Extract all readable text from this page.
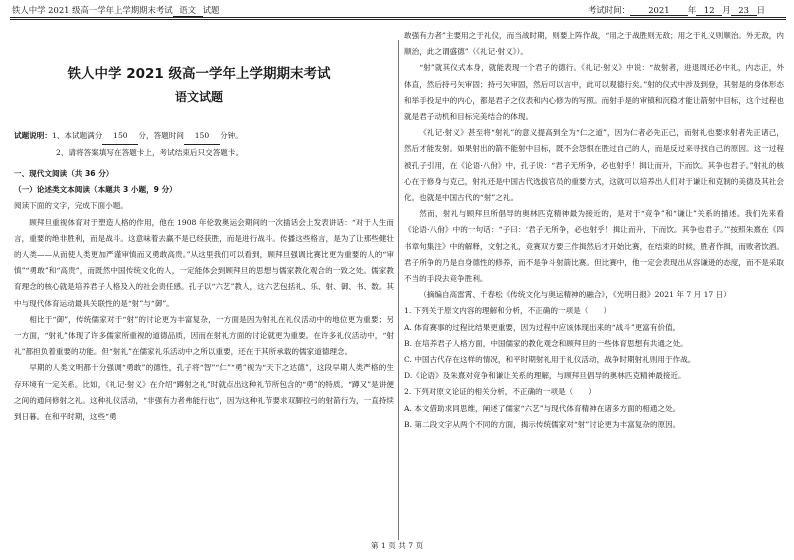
铁人中学 2021 级高一学年上学期期末考试 语文 试题	考试时间： 2021 年 12 月 23 日
铁人中学 2021 级高一学年上学期期末考试
语文试题

试题说明：1、本试题满分 150 分，答题时间 150 分钟。

2、请将答案填写在答题卡上，考试结束后只交答题卡。

一、现代文阅读（共 36 分）

（一）论述类文本阅读（本题共 3 小题，9 分）

阅读下面的文字，完成下面小题。

顾拜旦重视体育对于塑造人格的作用，他在 1908 年伦敦奥运会期间的一次插话会上发表讲话：“对于人生而言，重要的绝非胜利，而是战斗。这意味着去赢不是已经获胜，而是进行战斗。传播这些格言，是为了让那些健壮的人类——从而使人类更加严谨审慎而又勇敢高贵。”从这里我们可以看到，顾拜旦强调比赛比更为重要的人的“审慎”“勇敢”和“高贵”，而既然中国传统文化的人，一定能体会到顾拜旦的思想与儒家教化观合的一致之处。儒家教育理念的核心就是培养君子人格及入的社会责任感。孔子以“六艺”教人，这六艺包括礼、乐、射、御、书、数。其中与现代体育运动最具关联性的是“射”与“御”。

相比于“御”，传统儒家对于“射”的讨论更为丰富复杂，一方面是因为射礼在礼仪活动中的地位更为重要；另一方面，“射礼”体现了许多儒家所重视的道德品质，因而在射礼方面的讨论就更为重要。在许多礼仪活动中，“射礼”都担负着重要的功能。但“射礼”在儒家礼乐活动中之所以重要，还在于其所承载的儒家道德理念。

早期的人类文明都十分强调“勇敢”的德性，孔子将“智”“仁”“勇”视为“天下之达德”，这段早期人类严格的生存环境有一定关系。比如，《礼记·射义》在介绍“蹲射之礼”时就点出这种礼节所包含的“勇”的特质。“蹲又”是讲便之间的通问修射之礼。这种礼仪活动，“非强有力者弗能行也”，因为这种礼节要求双脚拉弓的射箭行为，一直持续到日暮。在和平时期，这些“勇

敢强有力者”主要用之于礼仪，而当战时期，则要上阵作战，“用之于战胜则无敌；用之于礼义则顺治。外无敌，内顺治，此之谓盛德”（《礼记·射义》）。

“射”就其仪式本身，就能表现一个君子的德行。《礼记·射义》中说：“故射者，进退周还必中礼，内志正，外体直，然后持弓矢审固；持弓矢审固，然后可以言中，此可以观德行矣。”射的仪式中涉及到登，其射是的身体形态和举手投足中的内心，都是君子之仪表和内心修为的写照。而射手是的审镇和沉稳才能让箭射中目标，这个过程也就是君子动机和目标完美结合的体现。

《礼记·射义》甚至将“射礼”的意义提高到全为“仁之道”，因为仁者必先正己，而射礼也要求射者先正诸己，然后才能发射。如果射出的箭不能射中目标，既不会怨恨在胜过自己的人，而是反过来寻找自己的原因。这一过程被孔子引用，在《论语·八佾》中，孔子说：“君子无所争，必也射乎！揖让而升，下而饮。其争也君子。”射礼的核心在于修身与克己，射礼还是中国古代选拔官员的重要方式，这就可以培养出人们对于谦让和克制的美德及其社会化。也就是中国古代的“射”之礼。

然而，射礼与顾拜旦所倡导的奥林匹克精神最为接近的，是对于“竞争”和“谦让”关系的描述。我们先来看《论语·八佾》中的一句话：“子曰：‘君子无所争，必也射乎！揖让而升，下而饮。其争也君子。’”按照朱熹在《四书章句集注》中的解释，文射之礼，竞赛双方要三作揖然后才开始比赛，在结束的时候，胜者作揖，而败者饮酒。君子所争的乃是自身德性的修养，而不是争斗射箭比赛。但比赛中，他一定会表现出从容谦逊的态度，而不是采取不当的手段去竞争胜利。

（摘编自高雷霄、千春松《传统文化与奥运精神的融合》，《光明日报》2021 年 7 月 17 日）

1. 下列关于原文内容的理解和分析，不正确的一项是（　　）

A. 体育赛事的过程比结果更重要，因为过程中应该体现出来的“战斗”更富有价值。

B. 在培养君子人格方面，中国儒家的教化观念和顾拜旦的一些体育思想有共通之处。

C. 中国古代存在这样的情况，和平时期射礼用于礼仪活动，战争时期射礼则用于作战。

D.《论语》及朱熹对竞争和谦让关系的理解，与顾拜旦倡导的奥林匹克精神最接近。

2. 下列对原文论证的相关分析，不正确的一项是（　　）

A. 本文借助求同思维，阐述了儒家“六艺”与现代体育精神在诸多方面的相通之处。

B. 第二段文字从两个不同的方面，揭示传统儒家对“射”讨论更为丰富复杂的原因。

第 1 页 共 7 页
